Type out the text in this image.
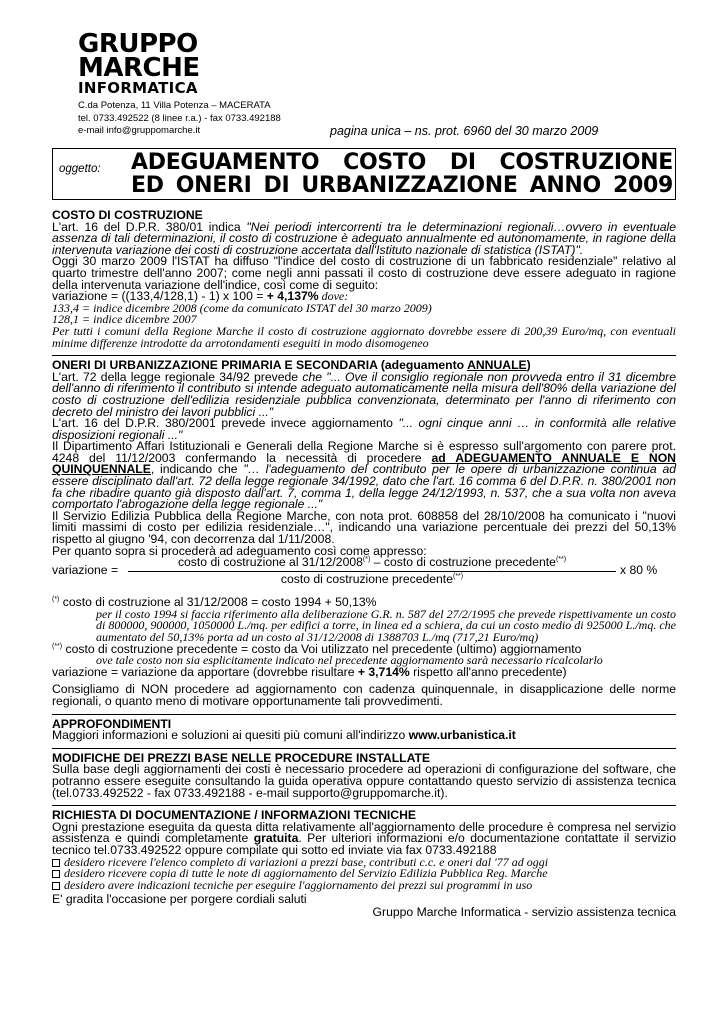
GRUPPO
MARCHE
INFORMATICA
C.da Potenza, 11 Villa Potenza – MACERATA
tel. 0733.492522 (8 linee r.a.) - fax 0733.492188
e-mail info@gruppomarche.it	pagina unica – ns. prot. 6960 del 30 marzo 2009
oggetto: ADEGUAMENTO COSTO DI COSTRUZIONE
ED ONERI DI URBANIZZAZIONE ANNO 2009
COSTO DI COSTRUZIONE
L'art. 16 del D.P.R. 380/01 indica "Nei periodi intercorrenti tra le determinazioni regionali…ovvero in eventuale assenza di tali determinazioni, il costo di costruzione è adeguato annualmente ed autonomamente, in ragione della intervenuta variazione dei costi di costruzione accertata dall'Istituto nazionale di statistica (ISTAT)".
Oggi 30 marzo 2009 l'ISTAT ha diffuso "l'indice del costo di costruzione di un fabbricato residenziale" relativo al quarto trimestre dell'anno 2007; come negli anni passati il costo di costruzione deve essere adeguato in ragione della intervenuta variazione dell'indice, così come di seguito:
variazione = ((133,4/128,1) - 1) x 100 = + 4,137% dove:
133,4 = indice dicembre 2008 (come da comunicato ISTAT del 30 marzo 2009)
128,1 = indice dicembre 2007
Per tutti i comuni della Regione Marche il costo di costruzione aggiornato dovrebbe essere di 200,39 Euro/mq, con eventuali minime differenze introdotte da arrotondamenti eseguiti in modo disomogeneo
ONERI DI URBANIZZAZIONE PRIMARIA E SECONDARIA (adeguamento ANNUALE)
L'art. 72 della legge regionale 34/92 prevede che "... Ove il consiglio regionale non provveda entro il 31 dicembre dell'anno di riferimento il contributo si intende adeguato automaticamente nella misura dell'80% della variazione del costo di costruzione dell'edilizia residenziale pubblica convenzionata, determinato per l'anno di riferimento con decreto del ministro dei lavori pubblici ..."
L'art. 16 del D.P.R. 380/2001 prevede invece aggiornamento "... ogni cinque anni … in conformità alle relative disposizioni regionali ..."
Il Dipartimento Affari Istituzionali e Generali della Regione Marche si è espresso sull'argomento con parere prot. 4248 del 11/12/2003 confermando la necessità di procedere ad ADEGUAMENTO ANNUALE E NON QUINQUENNALE, indicando che "… l'adeguamento del contributo per le opere di urbanizzazione continua ad essere disciplinato dall'art. 72 della legge regionale 34/1992, dato che l'art. 16 comma 6 del D.P.R. n. 380/2001 non fa che ribadire quanto già disposto dall'art. 7, comma 1, della legge 24/12/1993, n. 537, che a sua volta non aveva comportato l'abrogazione della legge regionale ..."
Il Servizio Edilizia Pubblica della Regione Marche, con nota prot. 608858 del 28/10/2008 ha comunicato i "nuovi limiti massimi di costo per edilizia residenziale…", indicando una variazione percentuale dei prezzi del 50,13% rispetto al giugno '94, con decorrenza dal 1/11/2008.
Per quanto sopra si procederà ad adeguamento così come appresso:
variazione =
costo di costruzione al 31/12/2008(*) – costo di costruzione precedente(**)
costo di costruzione precedente(**)	x 80 %
(*) costo di costruzione al 31/12/2008 = costo 1994 + 50,13%
per il costo 1994 si faccia riferimento alla deliberazione G.R. n. 587 del 27/2/1995 che prevede rispettivamente un costo di 800000, 900000, 1050000 L./mq. per edifici a torre, in linea ed a schiera, da cui un costo medio di 925000 L./mq. che aumentato del 50,13% porta ad un costo al 31/12/2008 di 1388703 L./mq (717,21 Euro/mq)
(**) costo di costruzione precedente = costo da Voi utilizzato nel precedente (ultimo) aggiornamento
ove tale costo non sia esplicitamente indicato nel precedente aggiornamento sarà necessario ricalcolarlo
variazione = variazione da apportare (dovrebbe risultare + 3,714% rispetto all'anno precedente)
Consigliamo di NON procedere ad aggiornamento con cadenza quinquennale, in disapplicazione delle norme regionali, o quanto meno di motivare opportunamente tali provvedimenti.
APPROFONDIMENTI
Maggiori informazioni e soluzioni ai quesiti più comuni all'indirizzo www.urbanistica.it
MODIFICHE DEI PREZZI BASE NELLE PROCEDURE INSTALLATE
Sulla base degli aggiornamenti dei costi è necessario procedere ad operazioni di configurazione del software, che potranno essere eseguite consultando la guida operativa oppure contattando questo servizio di assistenza tecnica (tel.0733.492522 - fax 0733.492188 - e-mail supporto@gruppomarche.it).
RICHIESTA DI DOCUMENTAZIONE / INFORMAZIONI TECNICHE
Ogni prestazione eseguita da questa ditta relativamente all'aggiornamento delle procedure è compresa nel servizio assistenza e quindi completamente gratuita. Per ulteriori informazioni e/o documentazione contattate il servizio tecnico tel.0733.492522 oppure compilate qui sotto ed inviate via fax 0733.492188
desidero ricevere l'elenco completo di variazioni a prezzi base, contributi c.c. e oneri dal '77 ad oggi
desidero ricevere copia di tutte le note di aggiornamento del Servizio Edilizia Pubblica Reg. Marche
desidero avere indicazioni tecniche per eseguire l'aggiornamento dei prezzi sui programmi in uso
E' gradita l'occasione per porgere cordiali saluti
Gruppo Marche Informatica - servizio assistenza tecnica
